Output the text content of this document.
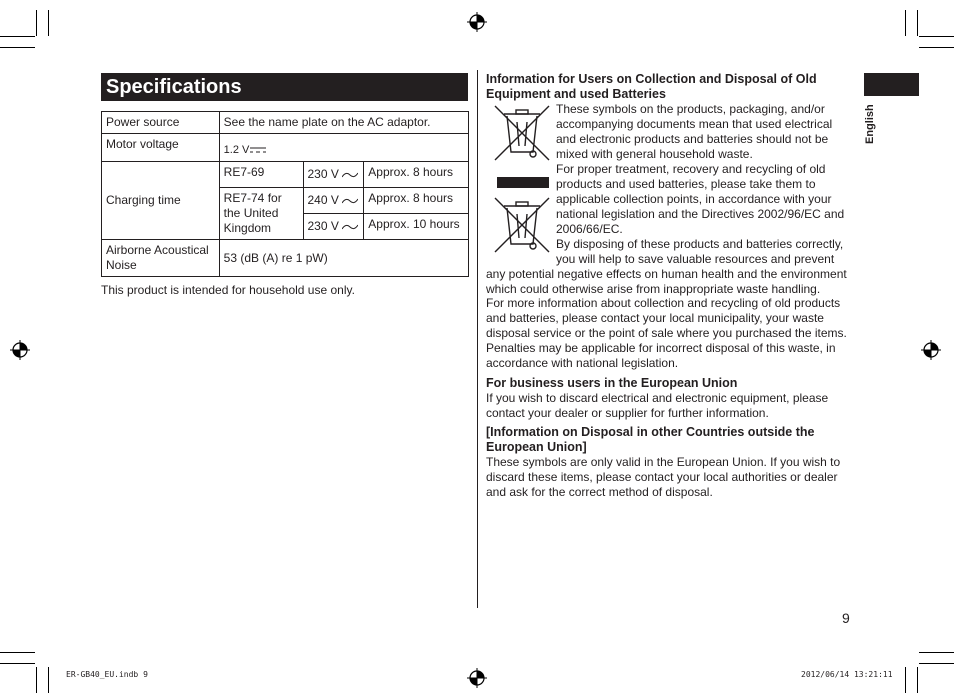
Specifications
Power source	See the name plate on the AC adaptor.		
Motor voltage	1.2 V		
Charging time	RE7-69	230 V	Approx. 8 hours
	RE7-74 for the United Kingdom	240 V	Approx. 8 hours
		230 V	Approx. 10 hours
Airborne Acoustical Noise	53 (dB (A) re 1 pW)		
This product is intended for household use only.
Information for Users on Collection and Disposal of Old Equipment and used Batteries
These symbols on the products, packaging, and/or accompanying documents mean that used electrical and electronic products and batteries should not be mixed with general household waste.
For proper treatment, recovery and recycling of old products and used batteries, please take them to applicable collection points, in accordance with your national legislation and the Directives 2002/96/EC and 2006/66/EC.
By disposing of these products and batteries correctly, you will help to save valuable resources and prevent
any potential negative effects on human health and the environment which could otherwise arise from inappropriate waste handling.
For more information about collection and recycling of old products and batteries, please contact your local municipality, your waste disposal service or the point of sale where you purchased the items.
Penalties may be applicable for incorrect disposal of this waste, in accordance with national legislation.
For business users in the European Union
If you wish to discard electrical and electronic equipment, please contact your dealer or supplier for further information.
[Information on Disposal in other Countries outside the European Union]
These symbols are only valid in the European Union. If you wish to discard these items, please contact your local authorities or dealer and ask for the correct method of disposal.
English
9
ER-GB40_EU.indb 9	2012/06/14 13:21:11
